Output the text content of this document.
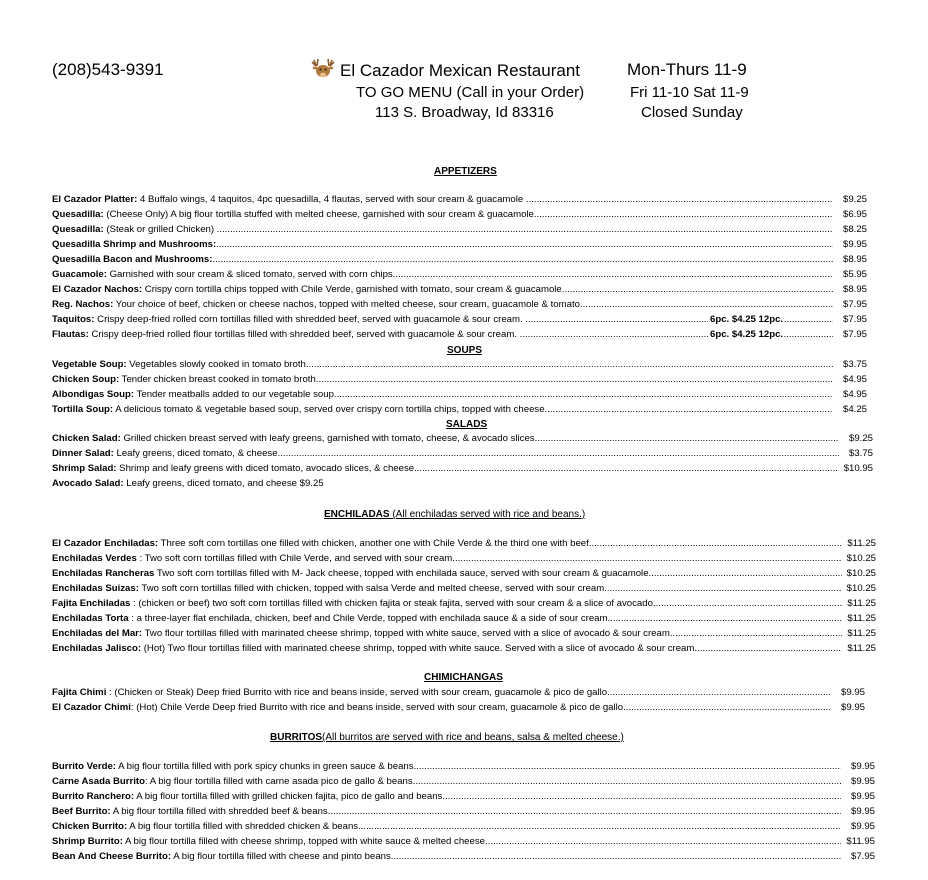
(208)543-9391	El Cazador Mexican Restaurant
TO GO MENU (Call in your Order)
113 S. Broadway, Id 83316
Mon-Thurs 11-9
Fri 11-10 Sat 11-9
Closed Sunday
APPETIZERS
El Cazador Platter: 4 Buffalo wings, 4 taquitos, 4pc quesadilla, 4 flautas, served with sour cream & guacamole .....	$9.25
Quesadilla: (Cheese Only) A big flour tortilla stuffed with melted cheese, garnished with sour cream & guacamole .....	$6.95
Quesadilla: (Steak or grilled Chicken) .....	$8.25
Quesadilla Shrimp and Mushrooms: .....	$9.95
Quesadilla Bacon and Mushrooms: .....	$8.95
Guacamole: Garnished with sour cream & sliced tomato, served with corn chips .....	$5.95
El Cazador Nachos: Crispy corn tortilla chips topped with Chile Verde, garnished with tomato, sour cream & guacamole .....	$8.95
Reg. Nachos: Your choice of beef, chicken or cheese nachos, topped with melted cheese, sour cream, guacamole & tomato .....	$7.95
Taquitos: Crispy deep-fried rolled corn tortillas filled with shredded beef, served with guacamole & sour cream. .....	6pc. $4.25 12pc.	$7.95
Flautas: Crispy deep-fried rolled flour tortillas filled with shredded beef, served with guacamole & sour cream. .....	6pc. $4.25 12pc.	$7.95
SOUPS
Vegetable Soup: Vegetables slowly cooked in tomato broth .....	$3.75
Chicken Soup: Tender chicken breast cooked in tomato broth .....	$4.95
Albondigas Soup: Tender meatballs added to our vegetable soup .....	$4.95
Tortilla Soup: A delicious tomato & vegetable based soup, served over crispy corn tortilla chips, topped with cheese .....	$4.25
SALADS
Chicken Salad: Grilled chicken breast served with leafy greens, garnished with tomato, cheese, & avocado slices .....	$9.25
Dinner Salad: Leafy greens, diced tomato, & cheese .....	$3.75
Shrimp Salad: Shrimp and leafy greens with diced tomato, avocado slices, & cheese .....	$10.95
Avocado Salad: Leafy greens, diced tomato, and cheese $9.25
ENCHILADAS (All enchiladas served with rice and beans.)
El Cazador Enchiladas: Three soft corn tortillas one filled with chicken, another one with Chile Verde & the third one with beef .....	$11.25
Enchiladas Verdes : Two soft corn tortillas filled with Chile Verde, and served with sour cream .....	$10.25
Enchiladas Rancheras Two soft corn tortillas filled with M- Jack cheese, topped with enchilada sauce, served with sour cream & guacamole .....	$10.25
Enchiladas Suizas: Two soft corn tortillas filled with chicken, topped with salsa Verde and melted cheese, served with sour cream .....	$10.25
Fajita Enchiladas : (chicken or beef) two soft corn tortillas filled with chicken fajita or steak fajita, served with sour cream & a slice of avocado .....	$11.25
Enchiladas Torta : a three-layer flat enchilada, chicken, beef and Chile Verde, topped with enchilada sauce & a side of sour cream .....	$11.25
Enchiladas del Mar: Two flour tortillas filled with marinated cheese shrimp, topped with white sauce, served with a slice of avocado & sour cream .....	$11.25
Enchiladas Jalisco: (Hot) Two flour tortillas filled with marinated cheese shrimp, topped with white sauce. Served with a slice of avocado & sour cream .....	$11.25
CHIMICHANGAS
Fajita Chimi : (Chicken or Steak) Deep fried Burrito with rice and beans inside, served with sour cream, guacamole & pico de gallo .....	$9.95
El Cazador Chimi: (Hot) Chile Verde Deep fried Burrito with rice and beans inside, served with sour cream, guacamole & pico de gallo .....	$9.95
BURRITOS(All burritos are served with rice and beans, salsa & melted cheese.)
Burrito Verde: A big flour tortilla filled with pork spicy chunks in green sauce & beans .....	$9.95
Carne Asada Burrito: A big flour tortilla filled with carne asada pico de gallo & beans .....	$9.95
Burrito Ranchero: A big flour tortilla filled with grilled chicken fajita, pico de gallo and beans .....	$9.95
Beef Burrito: A big flour tortilla filled with shredded beef & beans .....	$9.95
Chicken Burrito: A big flour tortilla filled with shredded chicken & beans .....	$9.95
Shrimp Burrito: A big flour tortilla filled with cheese shrimp, topped with white sauce & melted cheese .....	$11.95
Bean And Cheese Burrito: A big flour tortilla filled with cheese and pinto beans .....	$7.95
